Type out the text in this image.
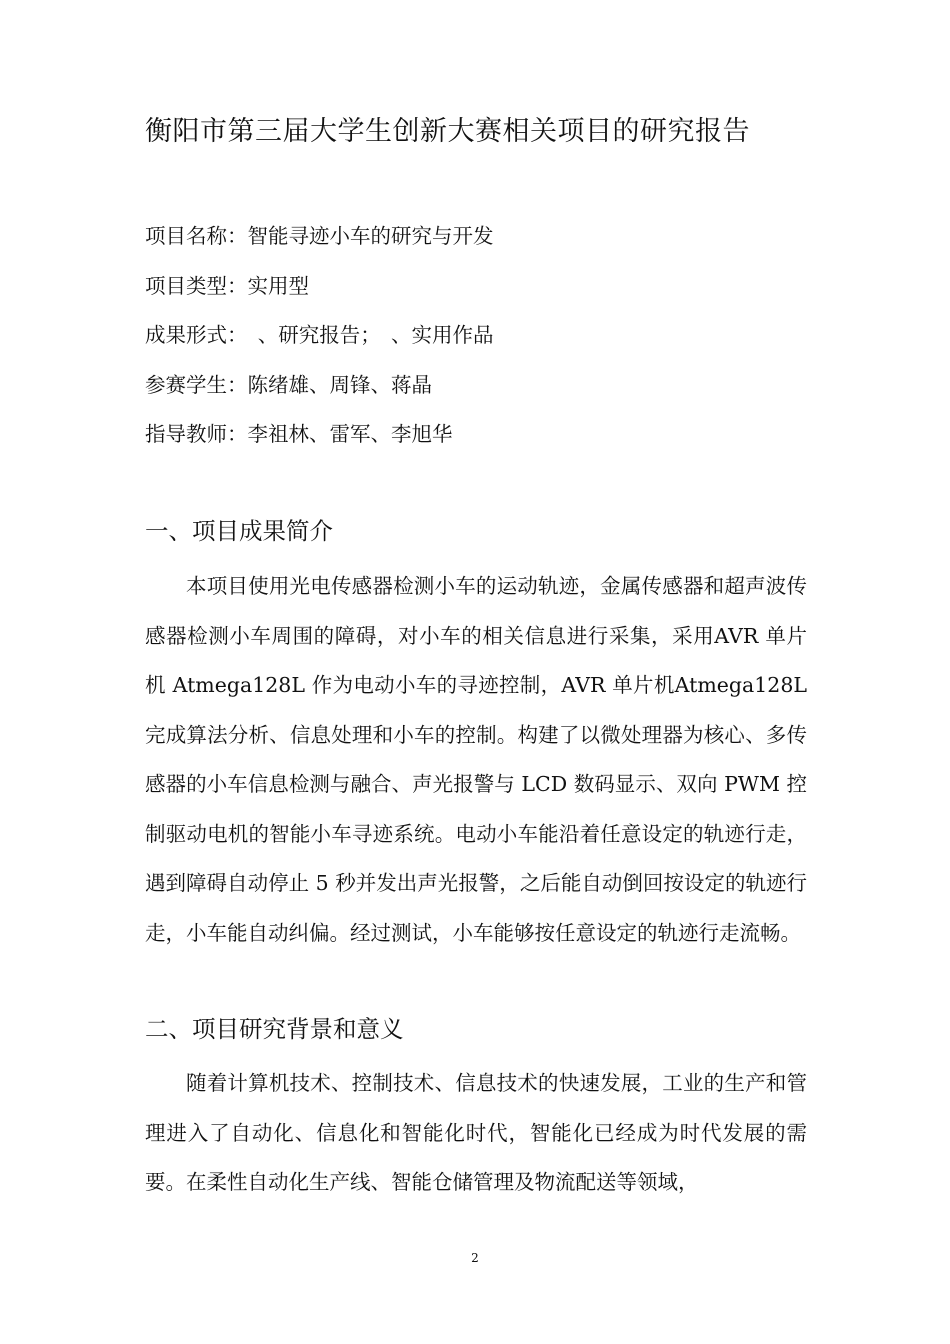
衡阳市第三届大学生创新大赛相关项目的研究报告
项目名称：智能寻迹小车的研究与开发
项目类型：实用型
成果形式：　、研究报告；　、实用作品
参赛学生：陈绪雄、周锋、蒋晶
指导教师：李祖林、雷军、李旭华
一、项目成果简介
本项目使用光电传感器检测小车的运动轨迹，金属传感器和超声波传感器检测小车周围的障碍，对小车的相关信息进行采集，采用AVR 单片机 Atmega128L 作为电动小车的寻迹控制，AVR 单片机Atmega128L 完成算法分析、信息处理和小车的控制。构建了以微处理器为核心、多传感器的小车信息检测与融合、声光报警与 LCD 数码显示、双向 PWM 控制驱动电机的智能小车寻迹系统。电动小车能沿着任意设定的轨迹行走，遇到障碍自动停止 5 秒并发出声光报警，之后能自动倒回按设定的轨迹行走，小车能自动纠偏。经过测试，小车能够按任意设定的轨迹行走流畅。
二、项目研究背景和意义
随着计算机技术、控制技术、信息技术的快速发展，工业的生产和管理进入了自动化、信息化和智能化时代，智能化已经成为时代发展的需要。在柔性自动化生产线、智能仓储管理及物流配送等领域，
2
